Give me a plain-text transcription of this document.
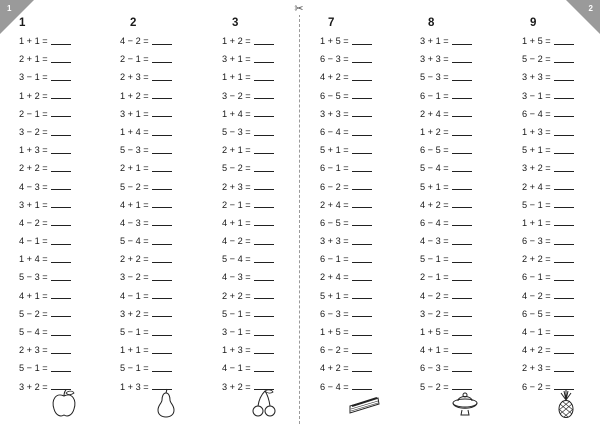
1
1
1 + 1 =
2 + 1 =
3 − 1 =
1 + 2 =
2 − 1 =
3 − 2 =
1 + 3 =
2 + 2 =
4 − 3 =
3 + 1 =
4 − 2 =
4 − 1 =
1 + 4 =
5 − 3 =
4 + 1 =
5 − 2 =
5 − 4 =
2 + 3 =
5 − 1 =
3 + 2 =
2
4 − 2 =
2 − 1 =
2 + 3 =
1 + 2 =
3 + 1 =
1 + 4 =
5 − 3 =
2 + 1 =
5 − 2 =
4 + 1 =
4 − 3 =
5 − 4 =
2 + 2 =
3 − 2 =
4 − 1 =
3 + 2 =
5 − 1 =
1 + 1 =
5 − 1 =
1 + 3 =
3
1 + 2 =
3 + 1 =
1 + 1 =
3 − 2 =
1 + 4 =
5 − 3 =
2 + 1 =
5 − 2 =
2 + 3 =
2 − 1 =
4 + 1 =
4 − 2 =
5 − 4 =
4 − 3 =
2 + 2 =
5 − 1 =
3 − 1 =
1 + 3 =
4 − 1 =
3 + 2 =
✂	2
7
1 + 5 =
6 − 3 =
4 + 2 =
6 − 5 =
3 + 3 =
6 − 4 =
5 + 1 =
6 − 1 =
6 − 2 =
2 + 4 =
6 − 5 =
3 + 3 =
6 − 1 =
2 + 4 =
5 + 1 =
6 − 3 =
1 + 5 =
6 − 2 =
4 + 2 =
6 − 4 =
8
3 + 1 =
3 + 3 =
5 − 3 =
6 − 1 =
2 + 4 =
1 + 2 =
6 − 5 =
5 − 4 =
5 + 1 =
4 + 2 =
6 − 4 =
4 − 3 =
5 − 1 =
2 − 1 =
4 − 2 =
3 − 2 =
1 + 5 =
4 + 1 =
6 − 3 =
5 − 2 =
9
1 + 5 =
5 − 2 =
3 + 3 =
3 − 1 =
6 − 4 =
1 + 3 =
5 + 1 =
3 + 2 =
2 + 4 =
5 − 1 =
1 + 1 =
6 − 3 =
2 + 2 =
6 − 1 =
4 − 2 =
6 − 5 =
4 − 1 =
4 + 2 =
2 + 3 =
6 − 2 =
